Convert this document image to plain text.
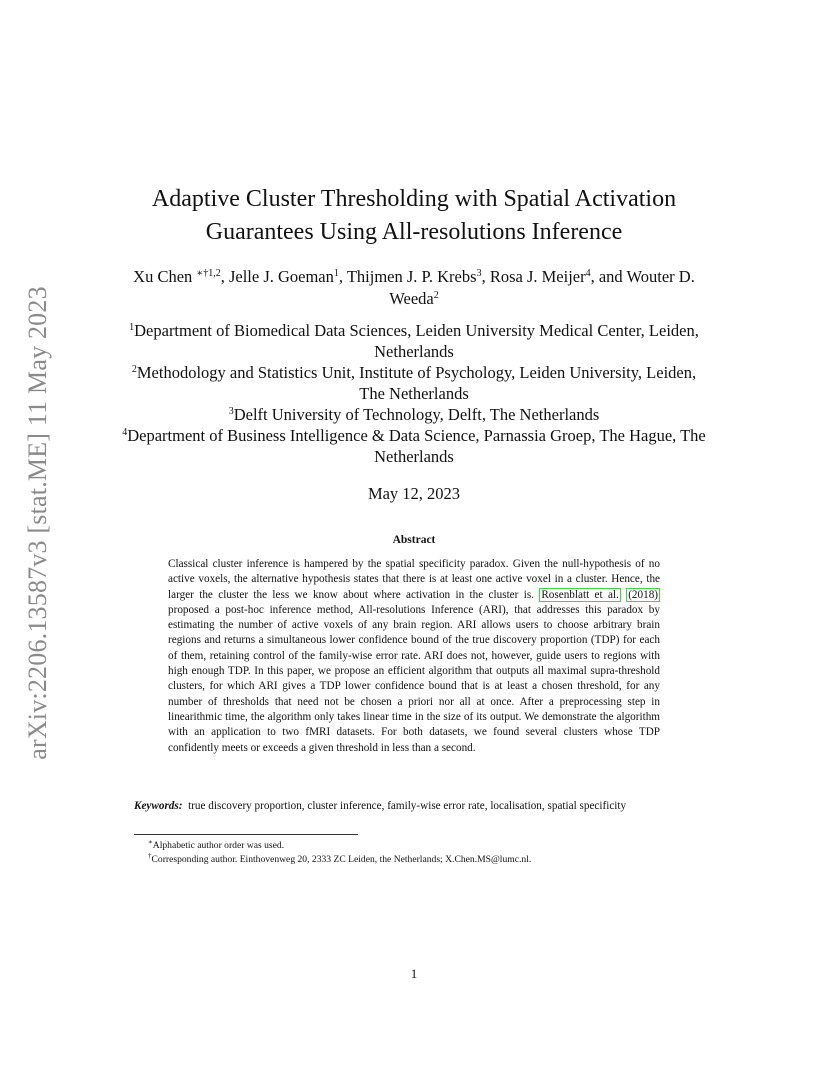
arXiv:2206.13587v3 [stat.ME] 11 May 2023
Adaptive Cluster Thresholding with Spatial Activation
Guarantees Using All-resolutions Inference
Xu Chen $^{∗\dagger 1,2}$, Jelle J. Goeman$^1$, Thijmen J. P. Krebs$^3$, Rosa J. Meijer$^4$, and Wouter D. Weeda$^2$
$^1$Department of Biomedical Data Sciences, Leiden University Medical Center, Leiden, Netherlands
$^2$Methodology and Statistics Unit, Institute of Psychology, Leiden University, Leiden, The Netherlands
$^3$Delft University of Technology, Delft, The Netherlands
$^4$Department of Business Intelligence & Data Science, Parnassia Groep, The Hague, The Netherlands
May 12, 2023
Abstract

Classical cluster inference is hampered by the spatial specificity paradox. Given the null-hypothesis of no active voxels, the alternative hypothesis states that there is at least one active voxel in a cluster. Hence, the larger the cluster the less we know about where activation in the cluster is. Rosenblatt et al. (2018) proposed a post-hoc inference method, All-resolutions Inference (ARI), that addresses this paradox by estimating the number of active voxels of any brain region. ARI allows users to choose arbitrary brain regions and returns a simultaneous lower confidence bound of the true discovery proportion (TDP) for each of them, retaining control of the family-wise error rate. ARI does not, however, guide users to regions with high enough TDP. In this paper, we propose an efficient algorithm that outputs all maximal supra-threshold clusters, for which ARI gives a TDP lower confidence bound that is at least a chosen threshold, for any number of thresholds that need not be chosen a priori nor all at once. After a preprocessing step in linearithmic time, the algorithm only takes linear time in the size of its output. We demonstrate the algorithm with an application to two fMRI datasets. For both datasets, we found several clusters whose TDP confidently meets or exceeds a given threshold in less than a second.

Keywords: true discovery proportion, cluster inference, family-wise error rate, localisation, spatial specificity
∗Alphabetic author order was used.
†Corresponding author. Einthovenweg 20, 2333 ZC Leiden, the Netherlands; X.Chen.MS@lumc.nl.
1
